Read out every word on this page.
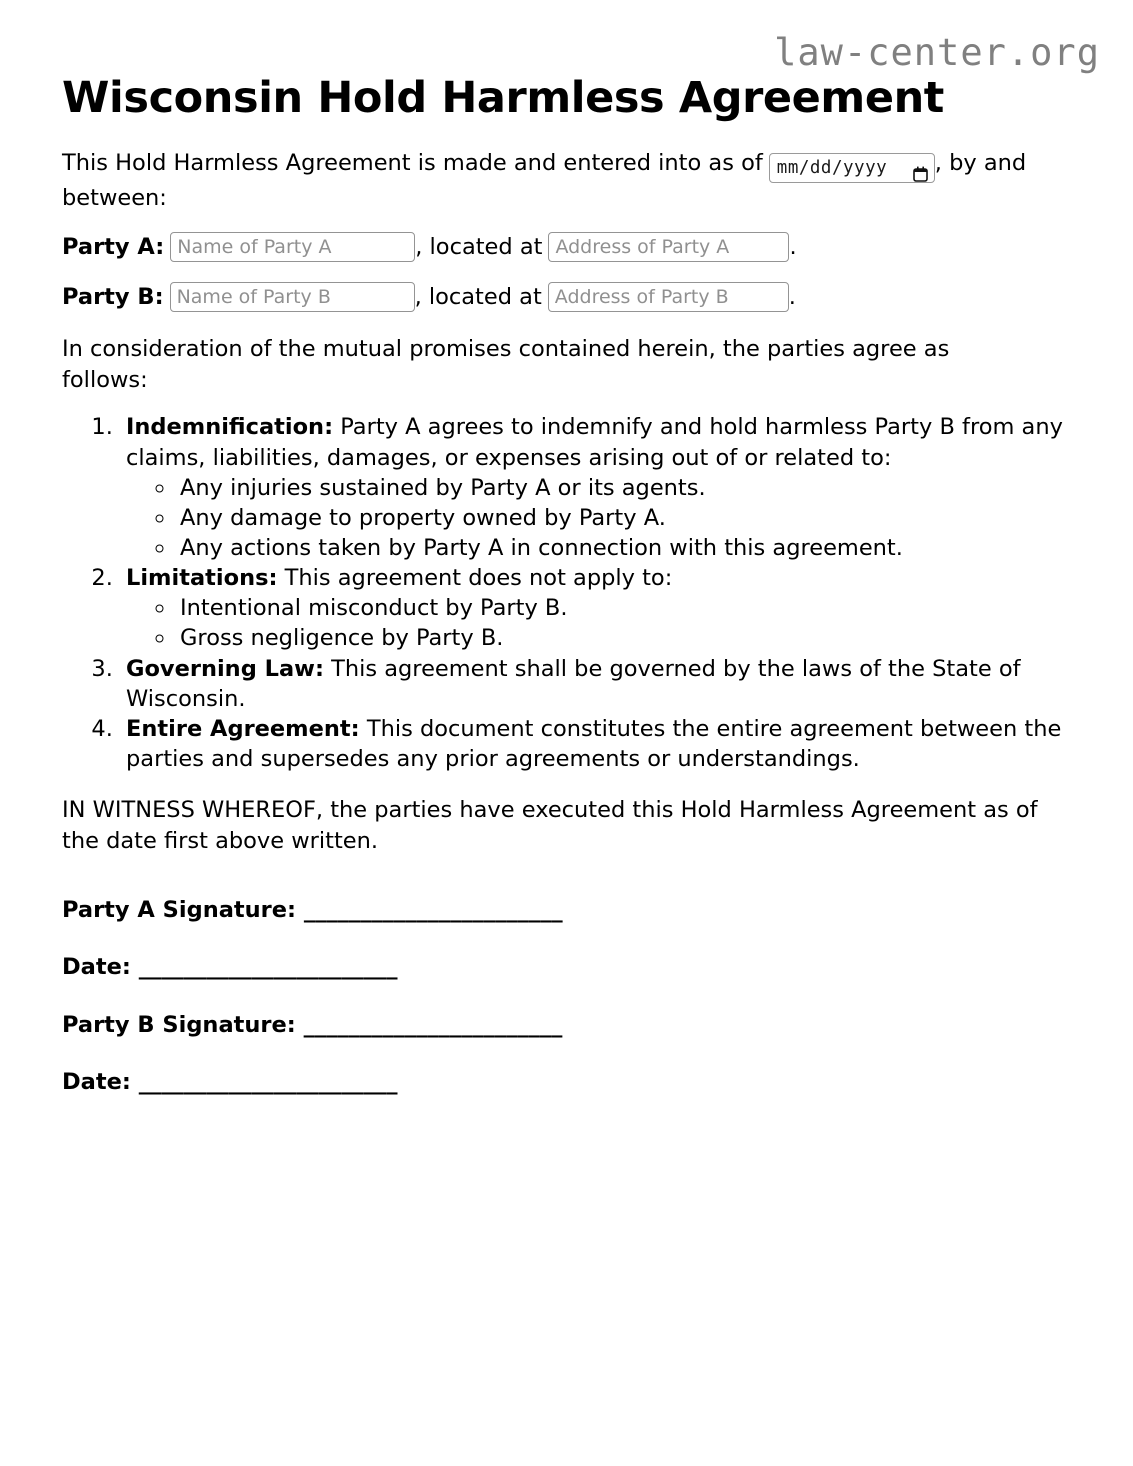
law-center.org
Wisconsin Hold Harmless Agreement

This Hold Harmless Agreement is made and entered into as of mm/dd/yyyy , by and between:

Party A:Name of Party A	, located atAddress of Party A	.

Party B:Name of Party B	, located atAddress of Party B	.

In consideration of the mutual promises contained herein, the parties agree as follows:

1. Indemnification: Party A agrees to indemnify and hold harmless Party B from any claims, liabilities, damages, or expenses arising out of or related to:
◦ Any injuries sustained by Party A or its agents.
◦ Any damage to property owned by Party A.
◦ Any actions taken by Party A in connection with this agreement.
2. Limitations: This agreement does not apply to:
◦ Intentional misconduct by Party B.
◦ Gross negligence by Party B.
3. Governing Law: This agreement shall be governed by the laws of the State of Wisconsin.
4. Entire Agreement: This document constitutes the entire agreement between the parties and supersedes any prior agreements or understandings.

IN WITNESS WHEREOF, the parties have executed this Hold Harmless Agreement as of the date first above written.

Party A Signature: _______________________
Date: _______________________
Party B Signature: _______________________
Date: _______________________
